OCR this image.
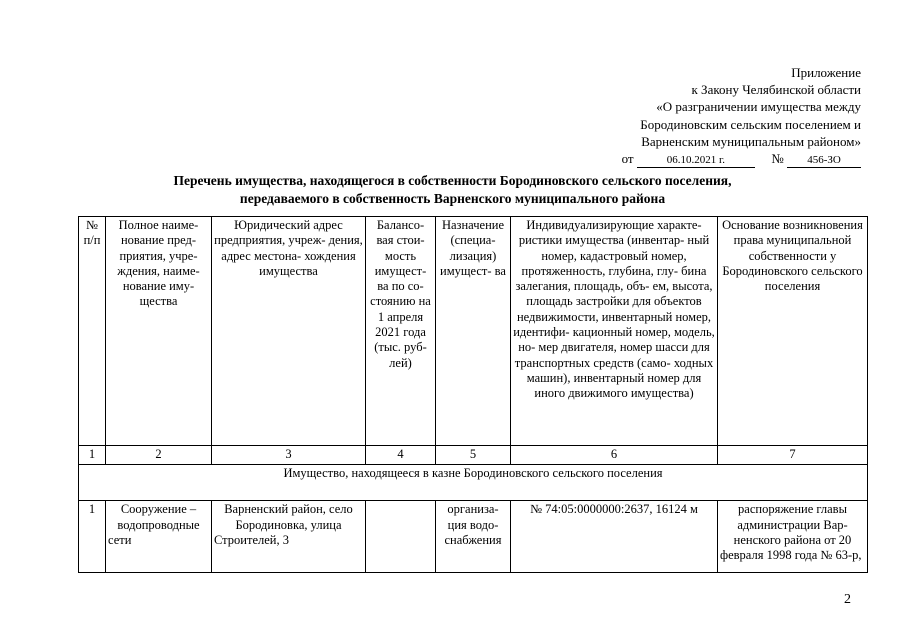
Приложение
к Закону Челябинской области
«О разграничении имущества между
Бородиновским сельским поселением и
Варненским муниципальным районом»
от	06.10.2021 г.	№ 456-ЗО
Перечень имущества, находящегося в собственности Бородиновского сельского поселения,
передаваемого в собственность Варненского муниципального района
№ п/п	Полное наиме- нование пред- приятия, учре- ждения, наиме- нование иму- щества	Юридический адрес предприятия, учреж- дения, адрес местона- хождения имущества	Балансо- вая стои- мость имущест- ва по со- стоянию на 1 апреля 2021 года (тыс. руб- лей)	Назначение (специа- лизация) имущест- ва	Индивидуализирующие характе- ристики имущества (инвентар- ный номер, кадастровый номер, протяженность, глубина, глу- бина залегания, площадь, объ- ем, высота, площадь застройки для объектов недвижимости, инвентарный номер, идентифи- кационный номер, модель, но- мер двигателя, номер шасси для транспортных средств (само- ходных машин), инвентарный номер для иного движимого имущества)	Основание возникновения права муниципальной собственности у Бородиновского сельского поселения
1	2	3	4	5	6	7
Имущество, находящееся в казне Бородиновского сельского поселения						
1	Сооружение – водопроводные сети	Варненский район, село Бородиновка, улица Строителей, 3		организа- ция водо- снабжения	№ 74:05:0000000:2637, 16124 м	распоряжение главы администрации Вар- ненского района от 20 февраля 1998 года № 63-р,
2
